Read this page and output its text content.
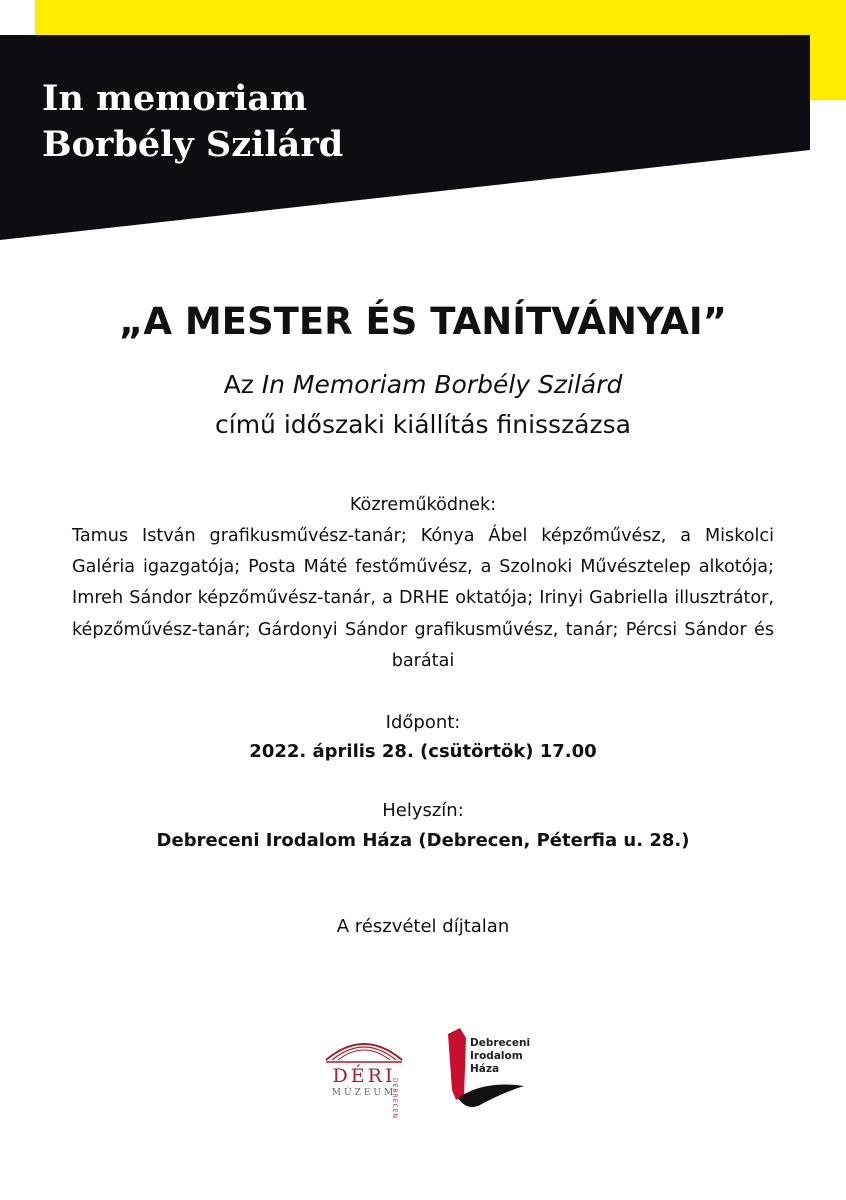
In memoriam
Borbély Szilárd
„A MESTER ÉS TANÍTVÁNYAI”
Az In Memoriam Borbély Szilárd
című időszaki kiállítás finisszázsa
Közreműködnek:
Tamus István grafikusművész-tanár; Kónya Ábel képzőművész, a Miskolci Galéria igazgatója; Posta Máté festőművész, a Szolnoki Művésztelep alkotója; Imreh Sándor képzőművész-tanár, a DRHE oktatója; Irinyi Gabriella illusztrátor, képzőművész-tanár; Gárdonyi Sándor grafikusművész, tanár; Pércsi Sándor és barátai
Időpont:
2022. április 28. (csütörtök) 17.00
Helyszín:
Debreceni Irodalom Háza (Debrecen, Péterfia u. 28.)
A részvétel díjtalan
DÉRI
MÚZEUM
DEBRECEN
Debreceni
Irodalom
Háza
